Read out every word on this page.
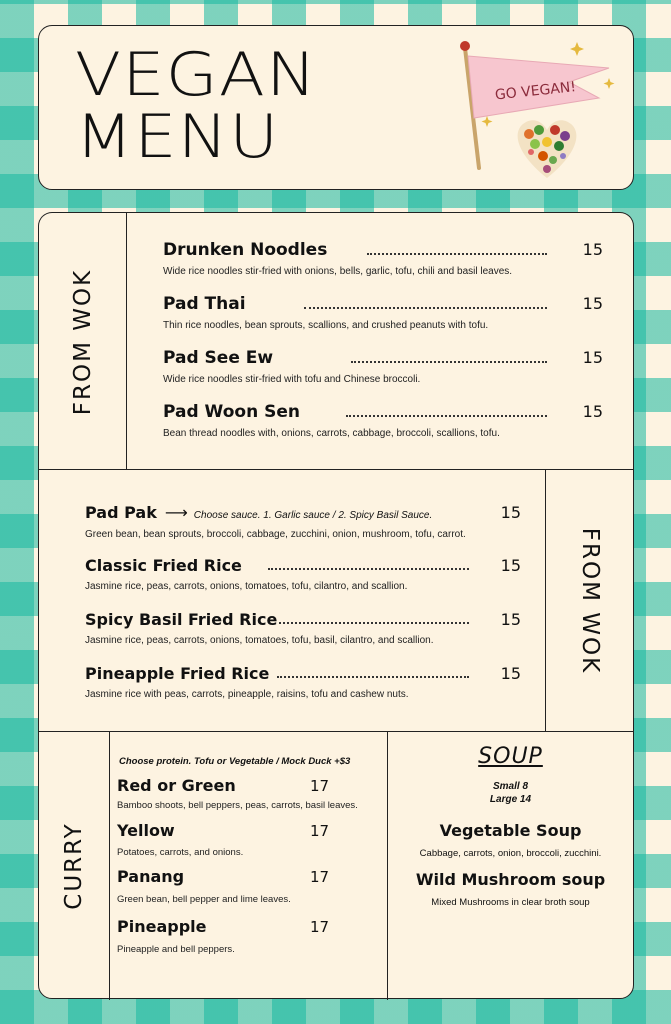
VEGAN
MENU
GO VEGAN!
FROM WOK
Drunken Noodles	15
Wide rice noodles stir-fried with onions, bells, garlic, tofu, chili and basil leaves.
Pad Thai	15
Thin rice noodles, bean sprouts, scallions, and crushed peanuts with tofu.
Pad See Ew	15
Wide rice noodles stir-fried with tofu and Chinese broccoli.
Pad Woon Sen	15
Bean thread noodles with, onions, carrots, cabbage, broccoli, scallions, tofu.
FROM WOK
Pad Pak ⟶ Choose sauce. 1. Garlic sauce / 2. Spicy Basil Sauce.	15
Green bean, bean sprouts, broccoli, cabbage, zucchini, onion, mushroom, tofu, carrot.
Classic Fried Rice	15
Jasmine rice, peas, carrots, onions, tomatoes, tofu, cilantro, and scallion.
Spicy Basil Fried Rice	15
Jasmine rice, peas, carrots, onions, tomatoes, tofu, basil, cilantro, and scallion.
Pineapple Fried Rice	15
Jasmine rice with peas, carrots, pineapple, raisins, tofu and cashew nuts.
CURRY
Choose protein. Tofu or Vegetable / Mock Duck +$3
Red or Green	17
Bamboo shoots, bell peppers, peas, carrots, basil leaves.
Yellow	17
Potatoes, carrots, and onions.
Panang	17
Green bean, bell pepper and lime leaves.
Pineapple	17
Pineapple and bell peppers.
SOUP
Small 8
Large 14
Vegetable Soup
Cabbage, carrots, onion, broccoli, zucchini.
Wild Mushroom soup
Mixed Mushrooms in clear broth soup
